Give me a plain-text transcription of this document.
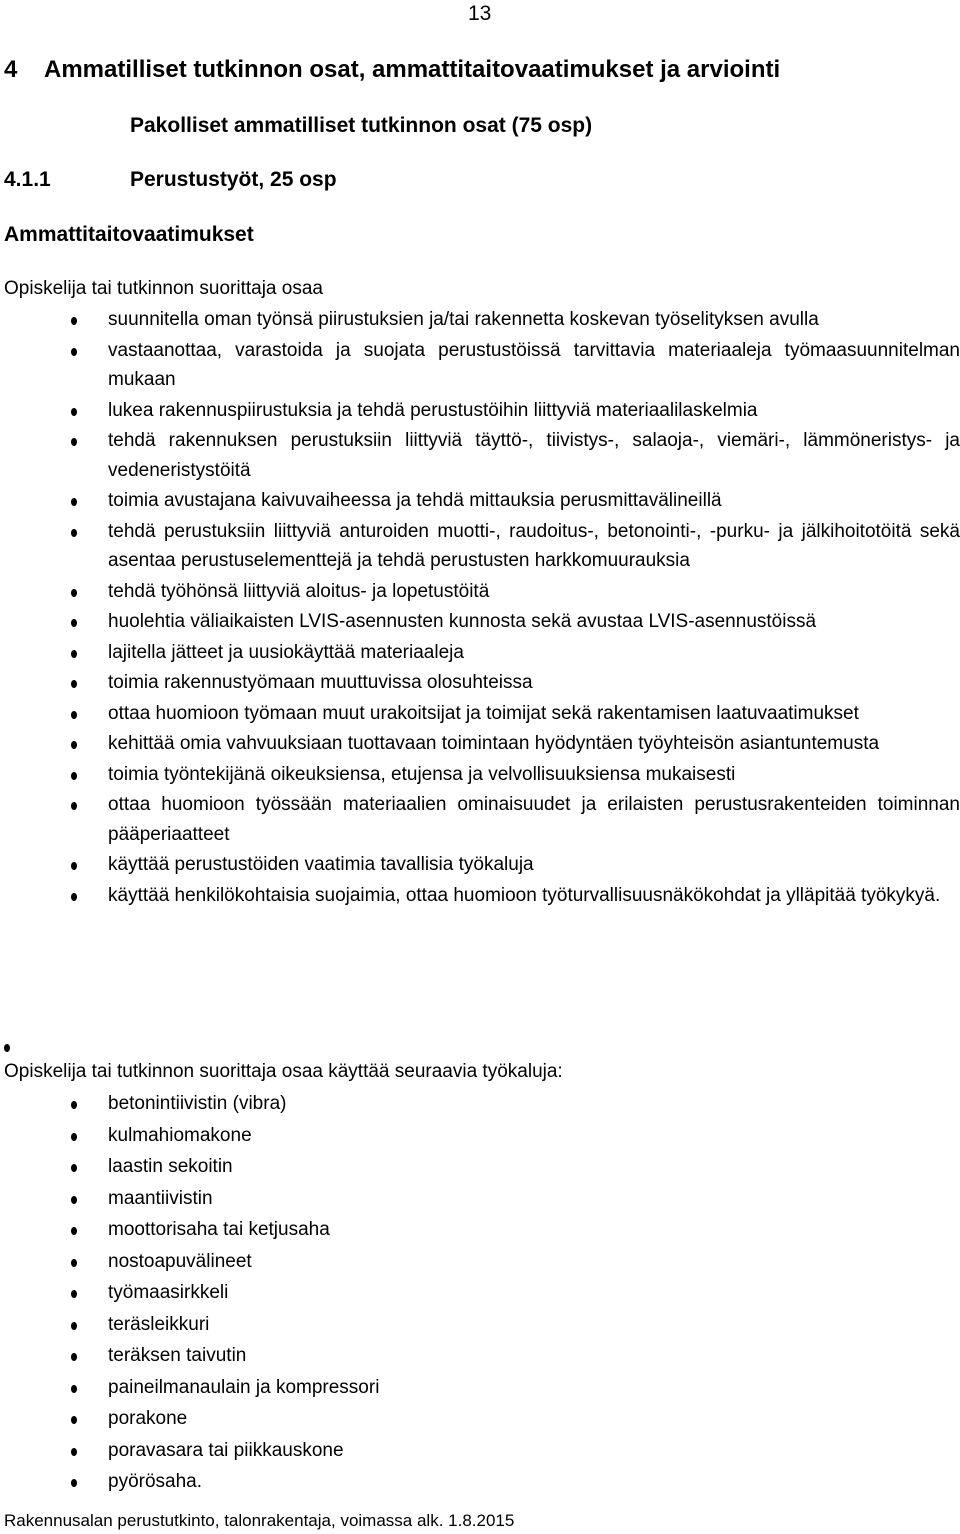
13
4 Ammatilliset tutkinnon osat, ammattitaitovaatimukset ja arviointi
Pakolliset ammatilliset tutkinnon osat (75 osp)
4.1.1	Perustustyöt, 25 osp
Ammattitaitovaatimukset
Opiskelija tai tutkinnon suorittaja osaa
suunnitella oman työnsä piirustuksien ja/tai rakennetta koskevan työselityksen avulla
vastaanottaa, varastoida ja suojata perustustöissä tarvittavia materiaaleja työmaasuunnitelman mukaan
lukea rakennuspiirustuksia ja tehdä perustustöihin liittyviä materiaalilaskelmia
tehdä rakennuksen perustuksiin liittyviä täyttö-, tiivistys-, salaoja-, viemäri-, lämmöneristys- ja vedeneristystöitä
toimia avustajana kaivuvaiheessa ja tehdä mittauksia perusmittavälineillä
tehdä perustuksiin liittyviä anturoiden muotti-, raudoitus-, betonointi-, -purku- ja jälkihoitotöitä sekä asentaa perustuselementtejä ja tehdä perustusten harkkomuurauksia
tehdä työhönsä liittyviä aloitus- ja lopetustöitä
huolehtia väliaikaisten LVIS-asennusten kunnosta sekä avustaa LVIS-asennustöissä
lajitella jätteet ja uusiokäyttää materiaaleja
toimia rakennustyömaan muuttuvissa olosuhteissa
ottaa huomioon työmaan muut urakoitsijat ja toimijat sekä rakentamisen laatuvaatimukset
kehittää omia vahvuuksiaan tuottavaan toimintaan hyödyntäen työyhteisön asiantuntemusta
toimia työntekijänä oikeuksiensa, etujensa ja velvollisuuksiensa mukaisesti
ottaa huomioon työssään materiaalien ominaisuudet ja erilaisten perustusrakenteiden toiminnan pääperiaatteet
käyttää perustustöiden vaatimia tavallisia työkaluja
käyttää henkilökohtaisia suojaimia, ottaa huomioon työturvallisuusnäkökohdat ja ylläpitää työkykyä.
Opiskelija tai tutkinnon suorittaja osaa käyttää seuraavia työkaluja:
betonintiivistin (vibra)
kulmahiomakone
laastin sekoitin
maantiivistin
moottorisaha tai ketjusaha
nostoapuvälineet
työmaasirkkeli
teräsleikkuri
teräksen taivutin
paineilmanaulain ja kompressori
porakone
poravasara tai piikkauskone
pyörösaha.
Rakennusalan perustutkinto, talonrakentaja, voimassa alk. 1.8.2015
